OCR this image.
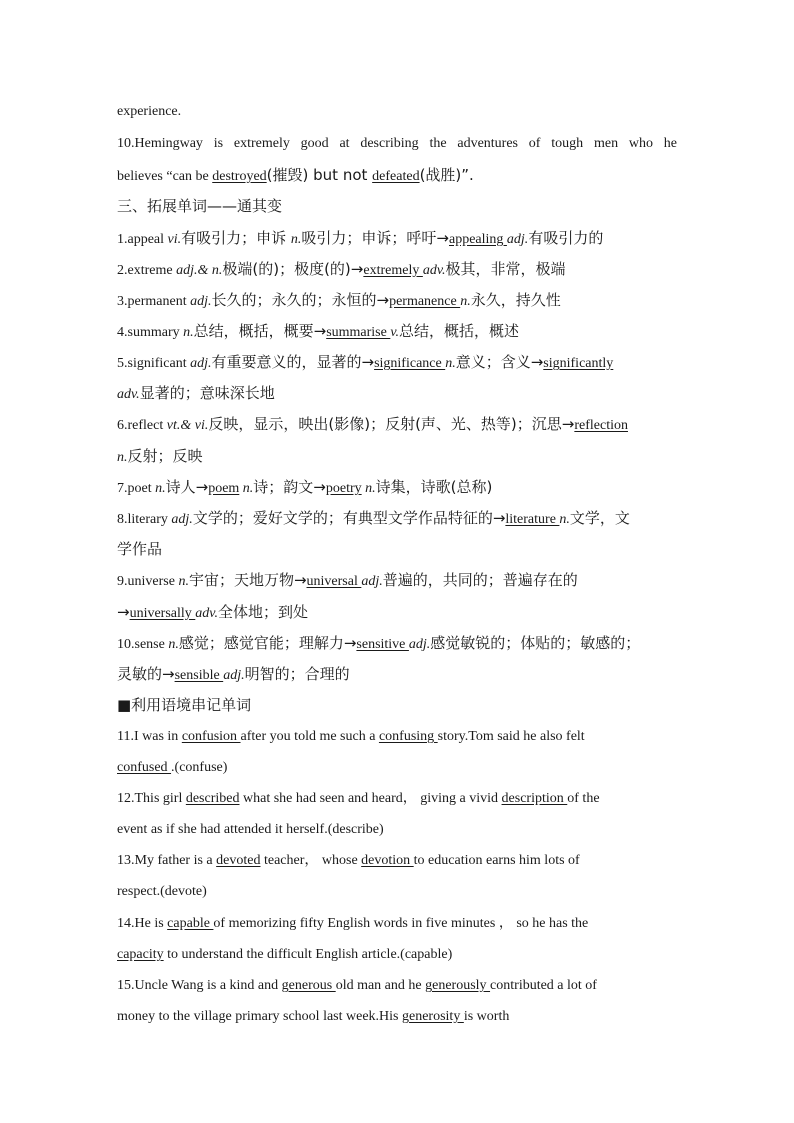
experience.
10.Hemingway is extremely good at describing the adventures of tough men who he
believes “can be destroyed(摧毁) but not defeated(战胜)”.
三、拓展单词——通其变
1.appeal vi.有吸引力；申诉 n.吸引力；申诉；呼吁→appealing adj.有吸引力的
2.extreme adj.& n.极端(的)；极度(的)→extremely adv.极其，非常，极端
3.permanent adj.长久的；永久的；永恒的→permanence n.永久，持久性
4.summary n.总结，概括，概要→summarise v.总结，概括，概述
5.significant adj.有重要意义的，显著的→significance n.意义；含义→significantly
adv.显著的；意味深长地
6.reflect vt.& vi.反映，显示，映出(影像)；反射(声、光、热等)；沉思→reflection
n.反射；反映
7.poet n.诗人→poem n.诗；韵文→poetry n.诗集，诗歌(总称)
8.literary adj.文学的；爱好文学的；有典型文学作品特征的→literature n.文学，文
学作品
9.universe n.宇宙；天地万物→universal adj.普遍的，共同的；普遍存在的
→universally adv.全体地；到处
10.sense n.感觉；感觉官能；理解力→sensitive adj.感觉敏锐的；体贴的；敏感的；
灵敏的→sensible adj.明智的；合理的
■利用语境串记单词
11.I was in confusion after you told me such a confusing story.Tom said he also felt
confused .(confuse)
12.This girl described what she had seen and heard， giving a vivid description of the
event as if she had attended it herself.(describe)
13.My father is a devoted teacher， whose devotion to education earns him lots of
respect.(devote)
14.He is capable of memorizing fifty English words in five minutes ， so he has the
capacity to understand the difficult English article.(capable)
15.Uncle Wang is a kind and generous old man and he generously contributed a lot of
money to the village primary school last week.His generosity is worth
